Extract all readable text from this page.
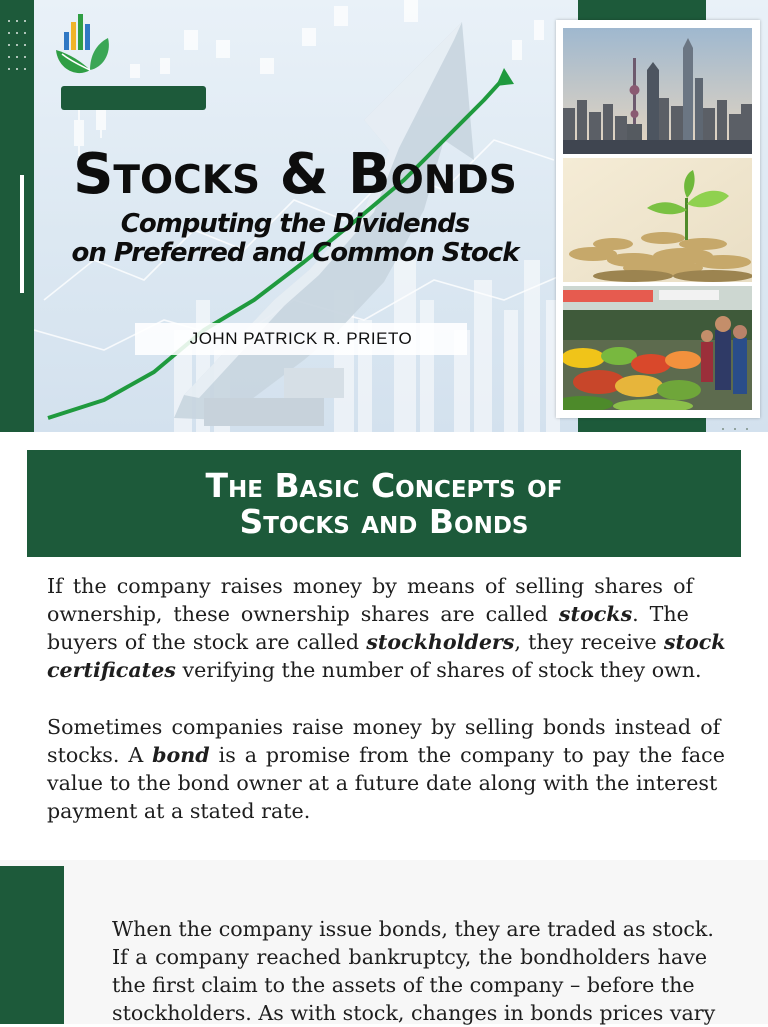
Stocks & Bonds
Computing the Dividends
on Preferred and Common Stock
JOHN PATRICK R. PRIETO
The Basic Concepts of
Stocks and Bonds
If the company raises money by means of selling shares of
ownership, these ownership shares are called stocks. The
buyers of the stock are called stockholders, they receive stock
certificates verifying the number of shares of stock they own.
Sometimes companies raise money by selling bonds instead of
stocks. A bond is a promise from the company to pay the face
value to the bond owner at a future date along with the interest
payment at a stated rate.
When the company issue bonds, they are traded as stock.
If a company reached bankruptcy, the bondholders have
the first claim to the assets of the company – before the
stockholders. As with stock, changes in bonds prices vary
